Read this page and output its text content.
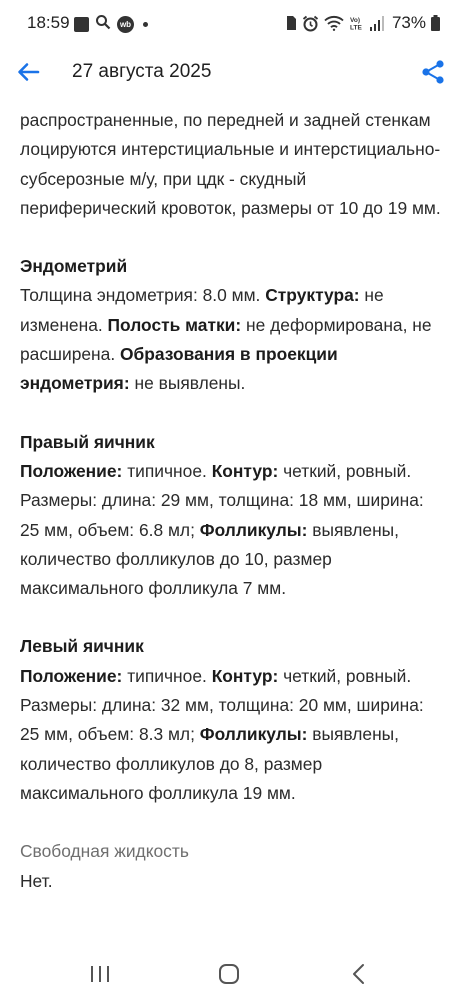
18:59	wb	Vo)
LTE 73%
27 августа 2025

распространенные, по передней и задней стенкам лоцируются интерстициальные и интерстициально-субсерозные м/у, при цдк - скудный периферический кровоток, размеры от 10 до 19 мм.

Эндометрий

Толщина эндометрия: 8.0 мм. Структура: не изменена. Полость матки: не деформирована, не расширена. Образования в проекции эндометрия: не выявлены.

Правый яичник

Положение: типичное. Контур: четкий, ровный. Размеры: длина: 29 мм, толщина: 18 мм, ширина: 25 мм, объем: 6.8 мл; Фолликулы: выявлены, количество фолликулов до 10, размер максимального фолликула 7 мм.

Левый яичник

Положение: типичное. Контур: четкий, ровный. Размеры: длина: 32 мм, толщина: 20 мм, ширина: 25 мм, объем: 8.3 мл; Фолликулы: выявлены, количество фолликулов до 8, размер максимального фолликула 19 мм.

Свободная жидкость

Нет.
